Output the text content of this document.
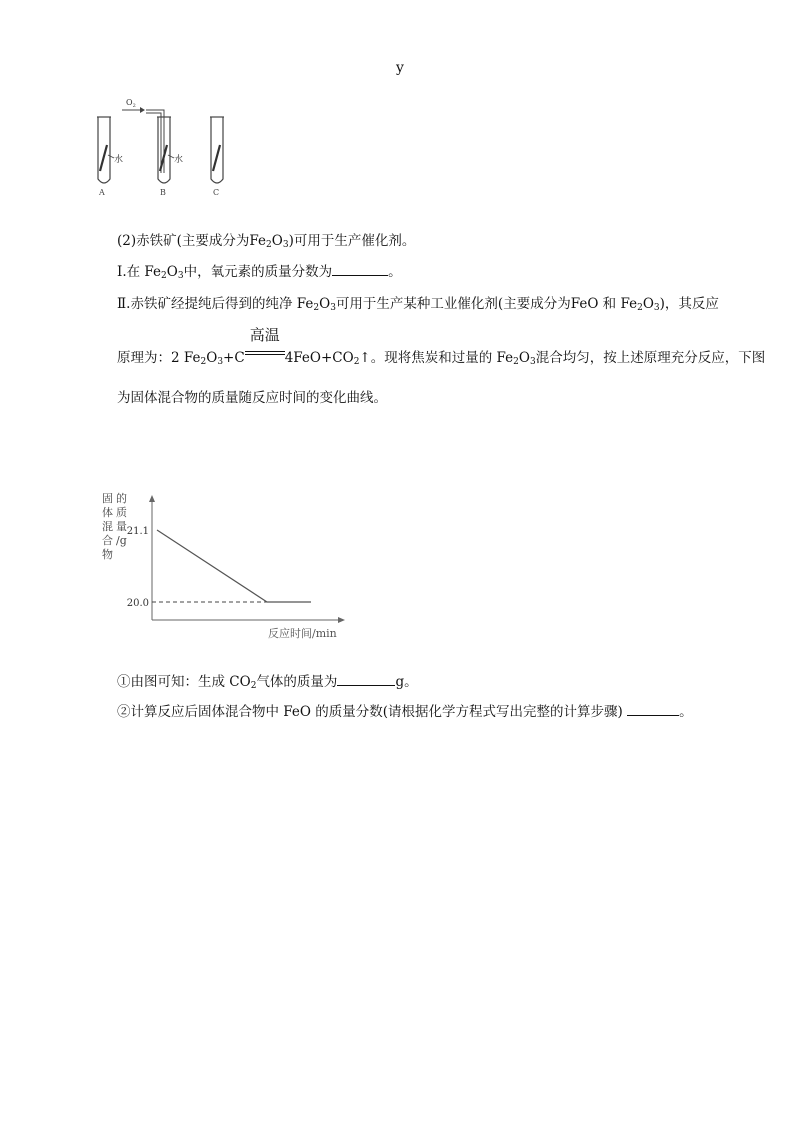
y
水
A
$O_2$
水
B	C
(2)赤铁矿(主要成分为$Fe_2O_3$)可用于生产催化剂。
Ⅰ.在 $Fe_2O_3$中，氧元素的质量分数为	。
Ⅱ.赤铁矿经提纯后得到的纯净 $Fe_2O_3$可用于生产某种工业催化剂(主要成分为FeO 和 $Fe_2O_3$)，其反应
原理为：2 $Fe_2O_3+C$
高温
$4FeO+CO_2↑$。现将焦炭和过量的 $Fe_2O_3$混合均匀，按上述原理充分反应，下图
为固体混合物的质量随反应时间的变化曲线。
固
体
混
合
物
的
质
量
/g
21.1
20.0
反应时间/min
①由图可知：生成 $CO_2$气体的质量为	g。
②计算反应后固体混合物中 FeO 的质量分数(请根据化学方程式写出完整的计算步骤)	。
